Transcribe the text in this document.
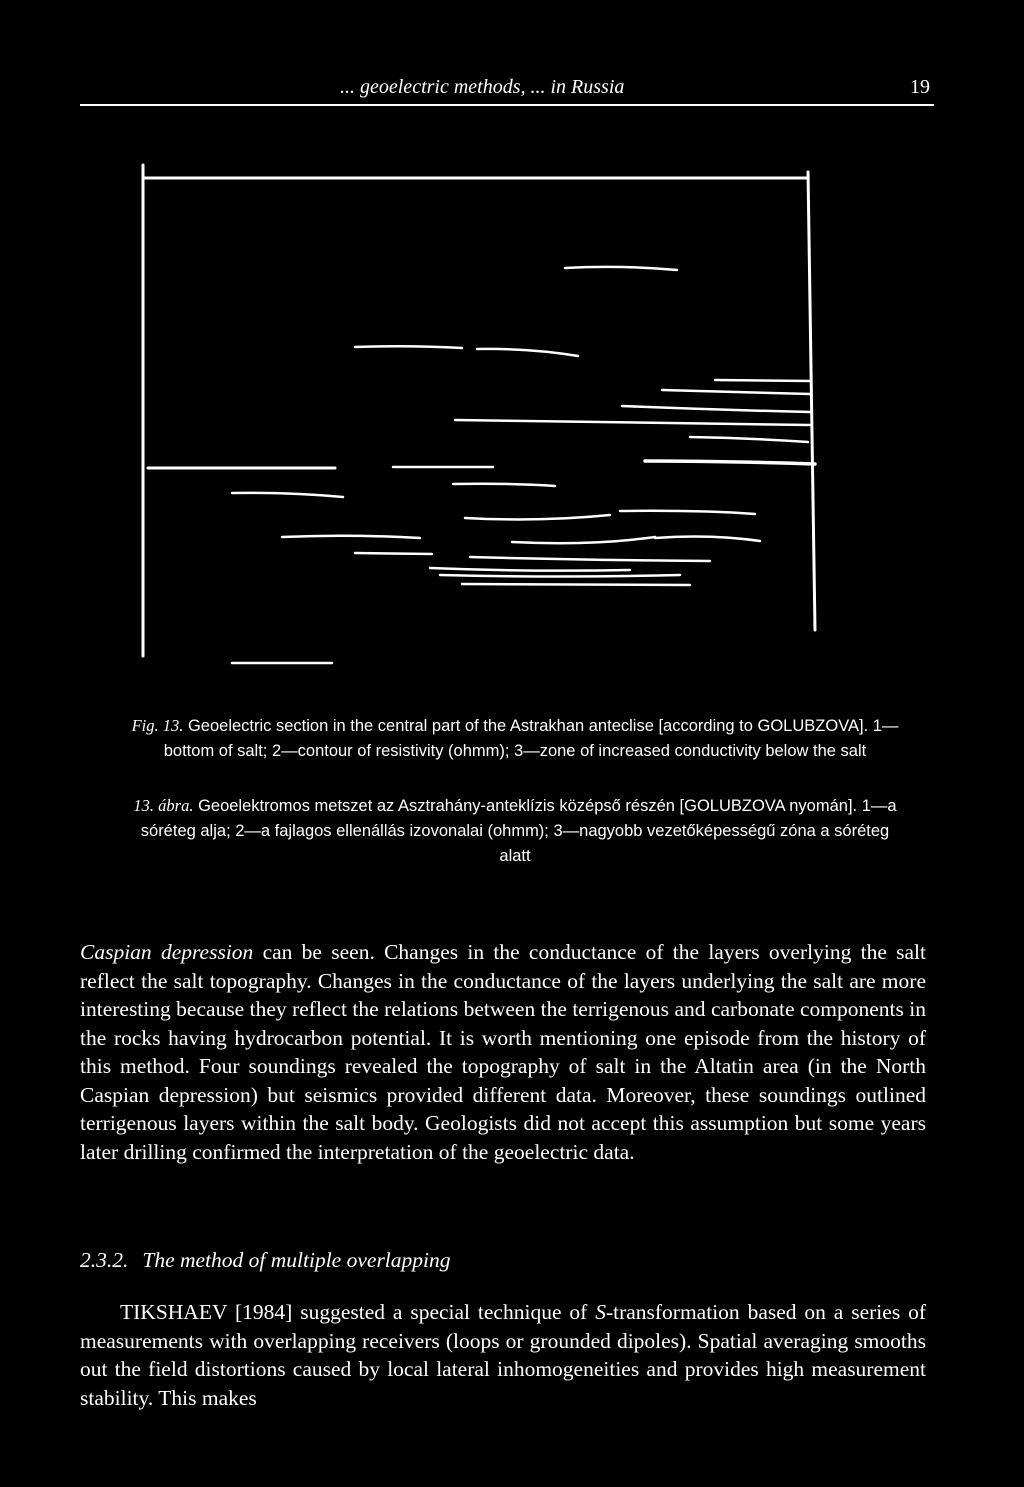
... geoelectric methods, ... in Russia	19

Fig. 13. Geoelectric section in the central part of the Astrakhan anteclise [according to GOLUBZOVA]. 1—bottom of salt; 2—contour of resistivity (ohmm); 3—zone of increased conductivity below the salt

13. ábra. Geoelektromos metszet az Asztrahány-anteklízis középső részén [GOLUBZOVA nyomán]. 1—a sóréteg alja; 2—a fajlagos ellenállás izovonalai (ohmm); 3—nagyobb vezetőképességű zóna a sóréteg alatt

Caspian depression can be seen. Changes in the conductance of the layers overlying the salt reflect the salt topography. Changes in the conductance of the layers underlying the salt are more interesting because they reflect the relations between the terrigenous and carbonate components in the rocks having hydrocarbon potential. It is worth mentioning one episode from the history of this method. Four soundings revealed the topography of salt in the Altatin area (in the North Caspian depression) but seismics provided different data. Moreover, these soundings outlined terrigenous layers within the salt body. Geologists did not accept this assumption but some years later drilling confirmed the interpretation of the geoelectric data.

2.3.2. The method of multiple overlapping

TIKSHAEV [1984] suggested a special technique of S-transformation based on a series of measurements with overlapping receivers (loops or grounded dipoles). Spatial averaging smooths out the field distortions caused by local lateral inhomogeneities and provides high measurement stability. This makes
